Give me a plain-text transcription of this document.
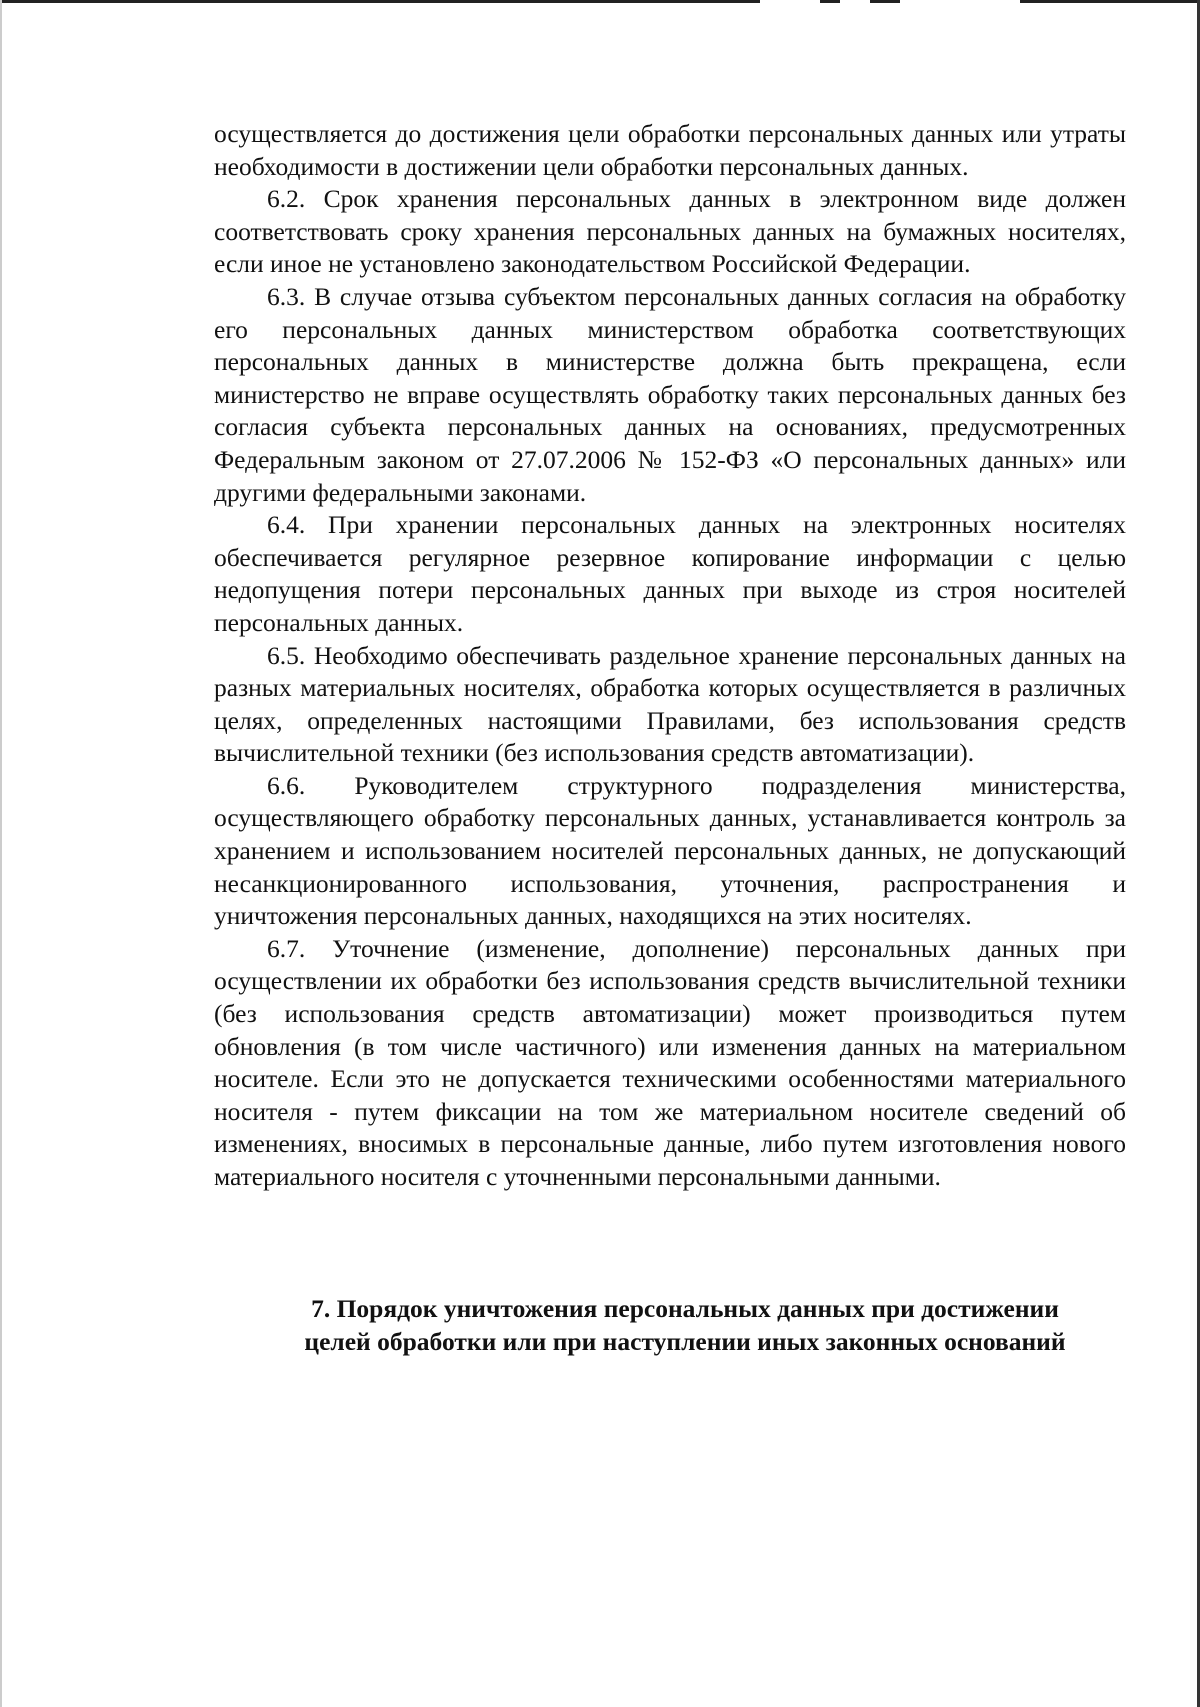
осуществляется до достижения цели обработки персональных данных или утраты необходимости в достижении цели обработки персональных данных.

6.2. Срок хранения персональных данных в электронном виде должен соответствовать сроку хранения персональных данных на бумажных носителях, если иное не установлено законодательством Российской Федерации.

6.3. В случае отзыва субъектом персональных данных согласия на обработку его персональных данных министерством обработка соответствующих персональных данных в министерстве должна быть прекращена, если министерство не вправе осуществлять обработку таких персональных данных без согласия субъекта персональных данных на основаниях, предусмотренных Федеральным законом от 27.07.2006 № 152-ФЗ «О персональных данных» или другими федеральными законами.

6.4. При хранении персональных данных на электронных носителях обеспечивается регулярное резервное копирование информации с целью недопущения потери персональных данных при выходе из строя носителей персональных данных.

6.5. Необходимо обеспечивать раздельное хранение персональных данных на разных материальных носителях, обработка которых осуществляется в различных целях, определенных настоящими Правилами, без использования средств вычислительной техники (без использования средств автоматизации).

6.6. Руководителем структурного подразделения министерства, осуществляющего обработку персональных данных, устанавливается контроль за хранением и использованием носителей персональных данных, не допускающий несанкционированного использования, уточнения, распространения и уничтожения персональных данных, находящихся на этих носителях.

6.7. Уточнение (изменение, дополнение) персональных данных при осуществлении их обработки без использования средств вычислительной техники (без использования средств автоматизации) может производиться путем обновления (в том числе частичного) или изменения данных на материальном носителе. Если это не допускается техническими особенностями материального носителя - путем фиксации на том же материальном носителе сведений об изменениях, вносимых в персональные данные, либо путем изготовления нового материального носителя с уточненными персональными данными.

7. Порядок уничтожения персональных данных при достижении
целей обработки или при наступлении иных законных оснований
